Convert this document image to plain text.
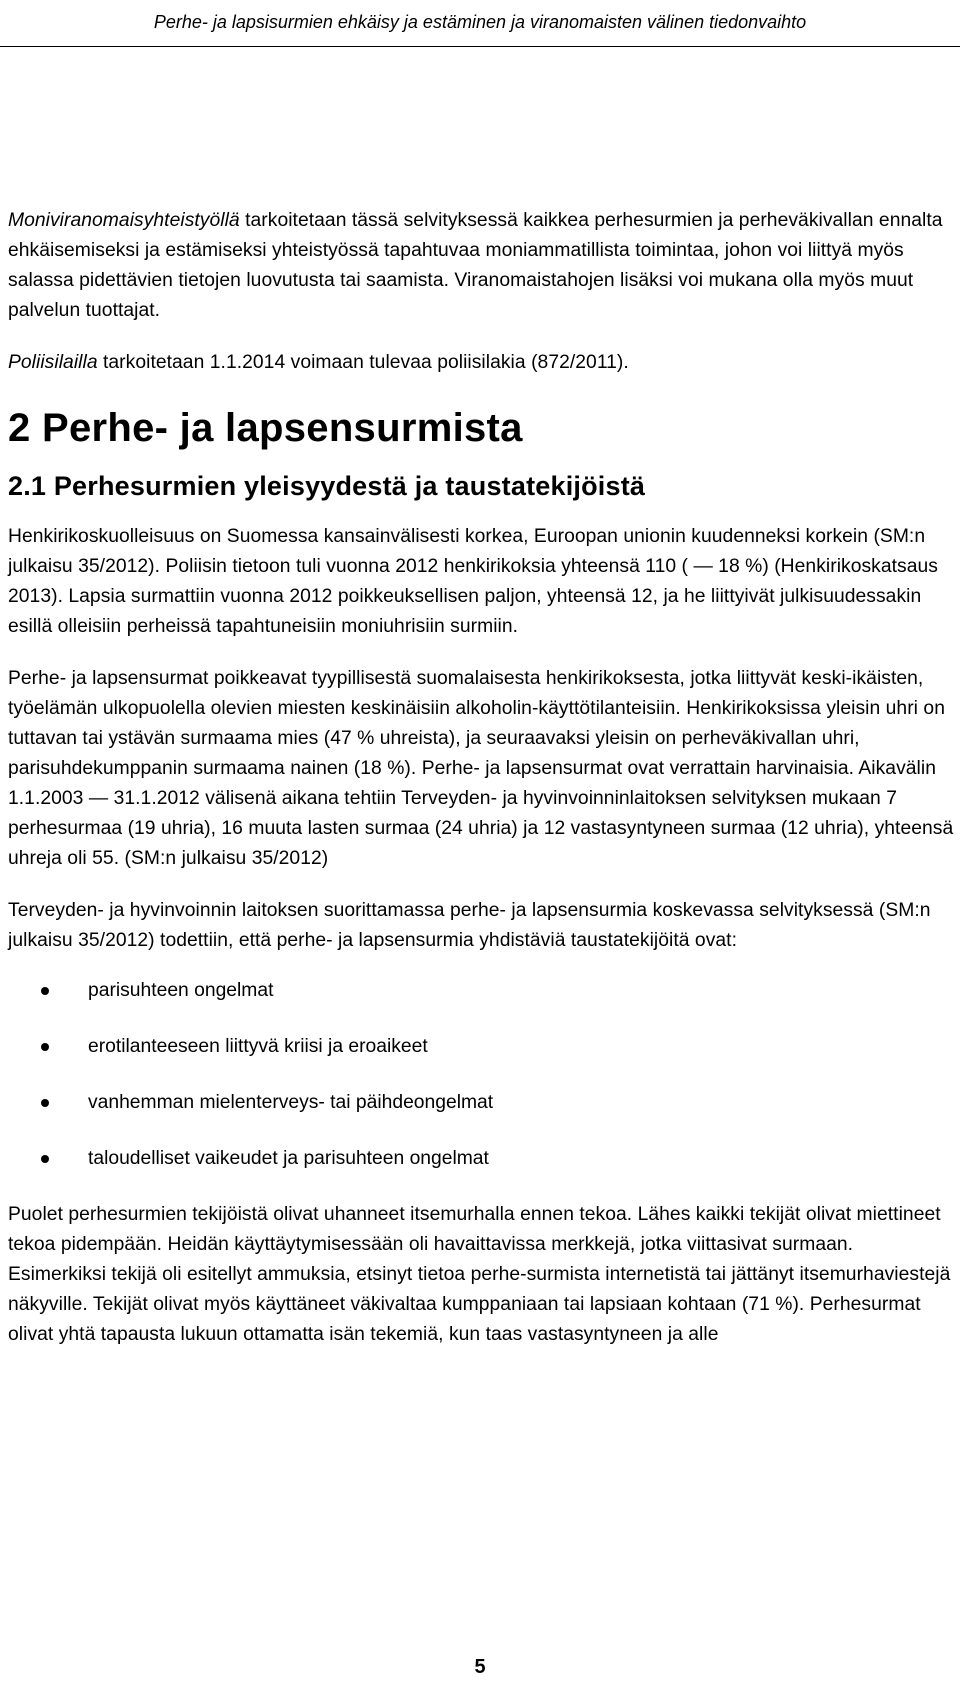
Perhe- ja lapsisurmien ehkäisy ja estäminen ja viranomaisten välinen tiedonvaihto

Moniviranomaisyhteistyöllä tarkoitetaan tässä selvityksessä kaikkea perhesurmien ja perheväkivallan ennalta ehkäisemiseksi ja estämiseksi yhteistyössä tapahtuvaa moniammatillista toimintaa, johon voi liittyä myös salassa pidettävien tietojen luovutusta tai saamista. Viranomaistahojen lisäksi voi mukana olla myös muut palvelun tuottajat.

Poliisilailla tarkoitetaan 1.1.2014 voimaan tulevaa poliisilakia (872/2011).

2 Perhe- ja lapsensurmista
2.1 Perhesurmien yleisyydestä ja taustatekijöistä

Henkirikoskuolleisuus on Suomessa kansainvälisesti korkea, Euroopan unionin kuudenneksi korkein (SM:n julkaisu 35/2012). Poliisin tietoon tuli vuonna 2012 henkirikoksia yhteensä 110 ( — 18 %) (Henkirikoskatsaus 2013). Lapsia surmattiin vuonna 2012 poikkeuksellisen paljon, yhteensä 12, ja he liittyivät julkisuudessakin esillä olleisiin perheissä tapahtuneisiin moniuhrisiin surmiin.

Perhe- ja lapsensurmat poikkeavat tyypillisestä suomalaisesta henkirikoksesta, jotka liittyvät keski-ikäisten, työelämän ulkopuolella olevien miesten keskinäisiin alkoholin-käyttötilanteisiin. Henkirikoksissa yleisin uhri on tuttavan tai ystävän surmaama mies (47 % uhreista), ja seuraavaksi yleisin on perheväkivallan uhri, parisuhdekumppanin surmaama nainen (18 %). Perhe- ja lapsensurmat ovat verrattain harvinaisia. Aikavälin 1.1.2003 — 31.1.2012 välisenä aikana tehtiin Terveyden- ja hyvinvoinninlaitoksen selvityksen mukaan 7 perhesurmaa (19 uhria), 16 muuta lasten surmaa (24 uhria) ja 12 vastasyntyneen surmaa (12 uhria), yhteensä uhreja oli 55. (SM:n julkaisu 35/2012)

Terveyden- ja hyvinvoinnin laitoksen suorittamassa perhe- ja lapsensurmia koskevassa selvityksessä (SM:n julkaisu 35/2012) todettiin, että perhe- ja lapsensurmia yhdistäviä taustatekijöitä ovat:

parisuhteen ongelmat
erotilanteeseen liittyvä kriisi ja eroaikeet
vanhemman mielenterveys- tai päihdeongelmat
taloudelliset vaikeudet ja parisuhteen ongelmat

Puolet perhesurmien tekijöistä olivat uhanneet itsemurhalla ennen tekoa. Lähes kaikki tekijät olivat miettineet tekoa pidempään. Heidän käyttäytymisessään oli havaittavissa merkkejä, jotka viittasivat surmaan. Esimerkiksi tekijä oli esitellyt ammuksia, etsinyt tietoa perhe-surmista internetistä tai jättänyt itsemurhaviestejä näkyville. Tekijät olivat myös käyttäneet väkivaltaa kumppaniaan tai lapsiaan kohtaan (71 %). Perhesurmat olivat yhtä tapausta lukuun ottamatta isän tekemiä, kun taas vastasyntyneen ja alle

5
